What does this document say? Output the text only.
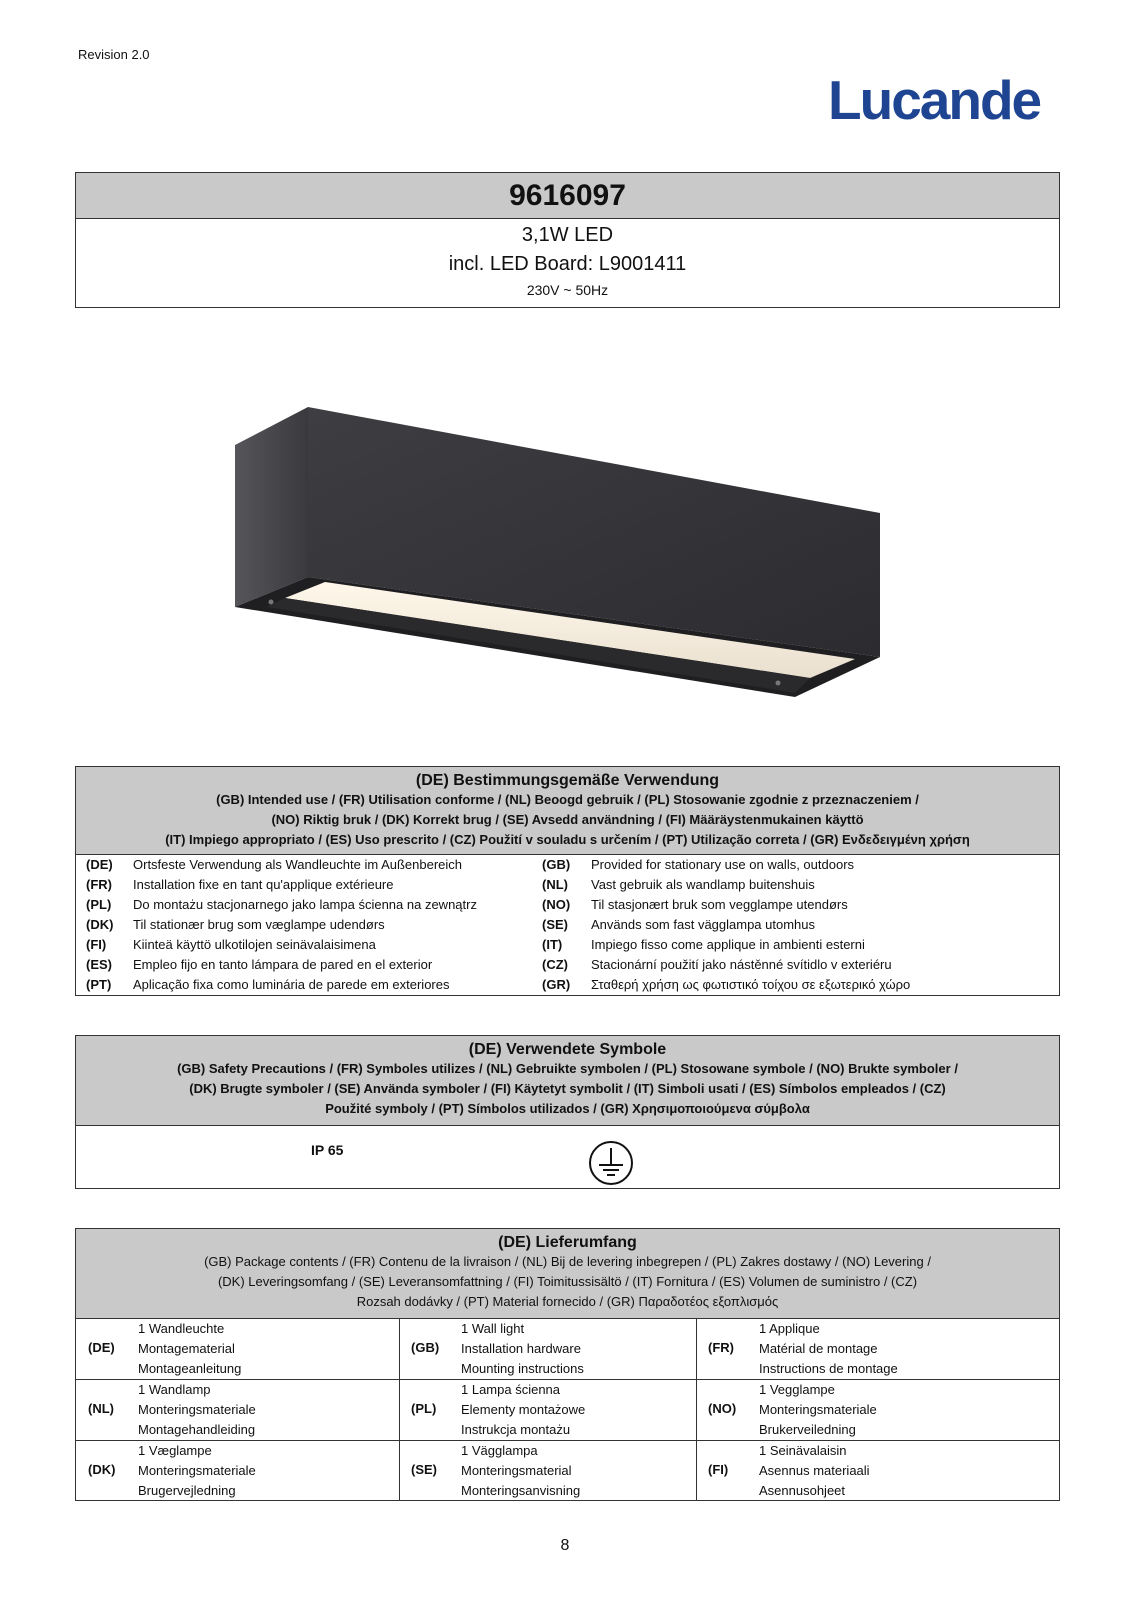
Revision 2.0
Lucande
9616097
3,1W LED
incl. LED Board: L9001411
230V ~ 50Hz
(DE) Bestimmungsgemäße Verwendung
(GB) Intended use / (FR) Utilisation conforme / (NL) Beoogd gebruik / (PL) Stosowanie zgodnie z przeznaczeniem /
(NO) Riktig bruk / (DK) Korrekt brug / (SE) Avsedd användning / (FI) Määräystenmukainen käyttö
(IT) Impiego appropriato / (ES) Uso prescrito / (CZ) Použití v souladu s určením / (PT) Utilização correta / (GR) Ενδεδειγμένη χρήση
(DE) Ortsfeste Verwendung als Wandleuchte im Außenbereich
(FR) Installation fixe en tant qu'applique extérieure
(PL) Do montażu stacjonarnego jako lampa ścienna na zewnątrz
(DK) Til stationær brug som væglampe udendørs
(FI) Kiinteä käyttö ulkotilojen seinävalaisimena
(ES) Empleo fijo en tanto lámpara de pared en el exterior
(PT) Aplicação fixa como luminária de parede em exteriores
(GB) Provided for stationary use on walls, outdoors
(NL) Vast gebruik als wandlamp buitenshuis
(NO) Til stasjonært bruk som vegglampe utendørs
(SE) Används som fast vägglampa utomhus
(IT) Impiego fisso come applique in ambienti esterni
(CZ) Stacionární použití jako nástěnné svítidlo v exteriéru
(GR) Σταθερή χρήση ως φωτιστικό τοίχου σε εξωτερικό χώρο
(DE) Verwendete Symbole
(GB) Safety Precautions / (FR) Symboles utilizes / (NL) Gebruikte symbolen / (PL) Stosowane symbole / (NO) Brukte symboler /
(DK) Brugte symboler / (SE) Använda symboler / (FI) Käytetyt symbolit / (IT) Simboli usati / (ES) Símbolos empleados / (CZ)
Použité symboly / (PT) Símbolos utilizados / (GR) Χρησιμοποιούμενα σύμβολα
IP 65
(DE) Lieferumfang
(GB) Package contents / (FR) Contenu de la livraison / (NL) Bij de levering inbegrepen / (PL) Zakres dostawy / (NO) Levering /
(DK) Leveringsomfang / (SE) Leveransomfattning / (FI) Toimitussisältö / (IT) Fornitura / (ES) Volumen de suministro / (CZ)
Rozsah dodávky / (PT) Material fornecido / (GR) Παραδοτέος εξοπλισμός
(DE)
1 Wandleuchte
Montagematerial
Montageanleitung
(GB)
1 Wall light
Installation hardware
Mounting instructions
(FR)
1 Applique
Matérial de montage
Instructions de montage
(NL)
1 Wandlamp
Monteringsmateriale
Montagehandleiding
(PL)
1 Lampa ścienna
Elementy montażowe
Instrukcja montażu
(NO)
1 Vegglampe
Monteringsmateriale
Brukerveiledning
(DK)
1 Væglampe
Monteringsmateriale
Brugervejledning
(SE)
1 Vägglampa
Monteringsmaterial
Monteringsanvisning
(FI)
1 Seinävalaisin
Asennus materiaali
Asennusohjeet
8
